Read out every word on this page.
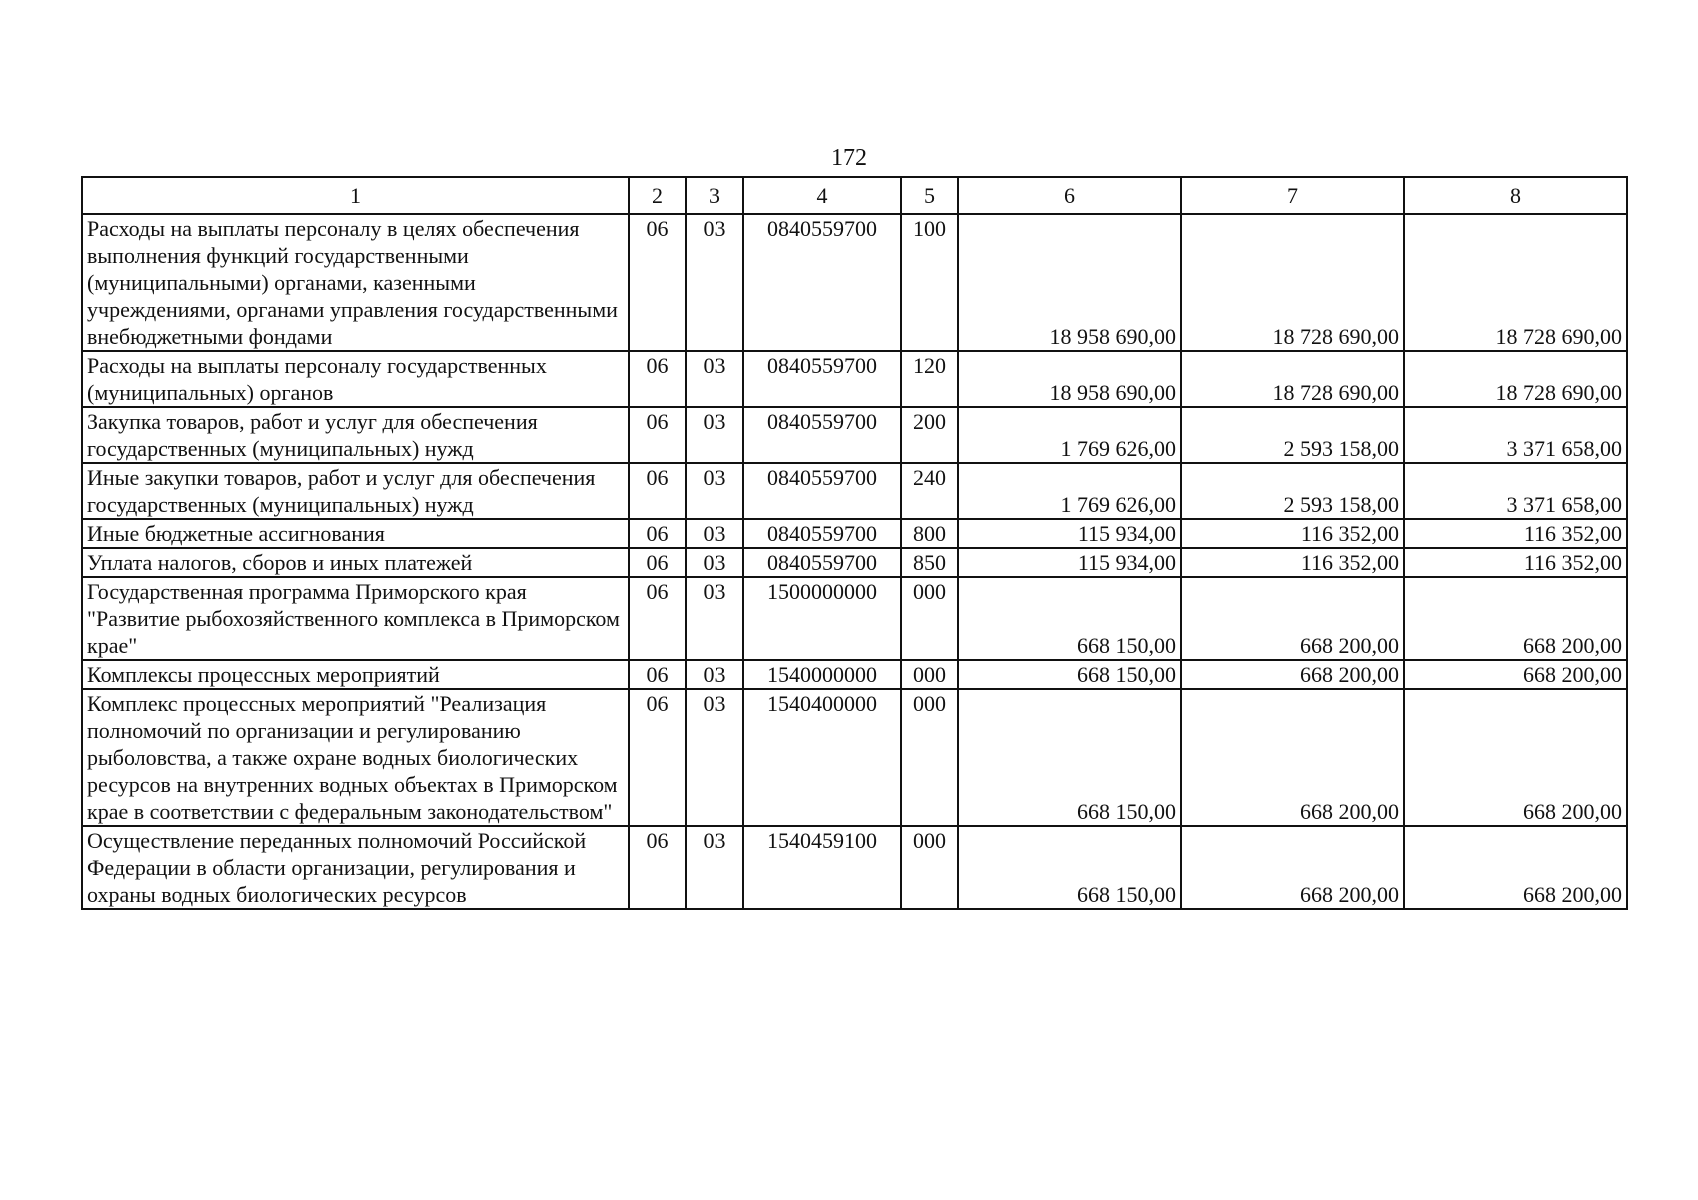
172
1	2	3	4	5	6	7	8
Расходы на выплаты персоналу в целях обеспечения выполнения функций государственными (муниципальными) органами, казенными учреждениями, органами управления государственными внебюджетными фондами	06	03	0840559700	100	18 958 690,00	18 728 690,00	18 728 690,00
Расходы на выплаты персоналу государственных (муниципальных) органов	06	03	0840559700	120	18 958 690,00	18 728 690,00	18 728 690,00
Закупка товаров, работ и услуг для обеспечения государственных (муниципальных) нужд	06	03	0840559700	200	1 769 626,00	2 593 158,00	3 371 658,00
Иные закупки товаров, работ и услуг для обеспечения государственных (муниципальных) нужд	06	03	0840559700	240	1 769 626,00	2 593 158,00	3 371 658,00
Иные бюджетные ассигнования	06	03	0840559700	800	115 934,00	116 352,00	116 352,00
Уплата налогов, сборов и иных платежей	06	03	0840559700	850	115 934,00	116 352,00	116 352,00
Государственная программа Приморского края "Развитие рыбохозяйственного комплекса в Приморском крае"	06	03	1500000000	000	668 150,00	668 200,00	668 200,00
Комплексы процессных мероприятий	06	03	1540000000	000	668 150,00	668 200,00	668 200,00
Комплекс процессных мероприятий "Реализация полномочий по организации и регулированию рыболовства, а также охране водных биологических ресурсов на внутренних водных объектах в Приморском крае в соответствии с федеральным законодательством"	06	03	1540400000	000	668 150,00	668 200,00	668 200,00
Осуществление переданных полномочий Российской Федерации в области организации, регулирования и охраны водных биологических ресурсов	06	03	1540459100	000	668 150,00	668 200,00	668 200,00
